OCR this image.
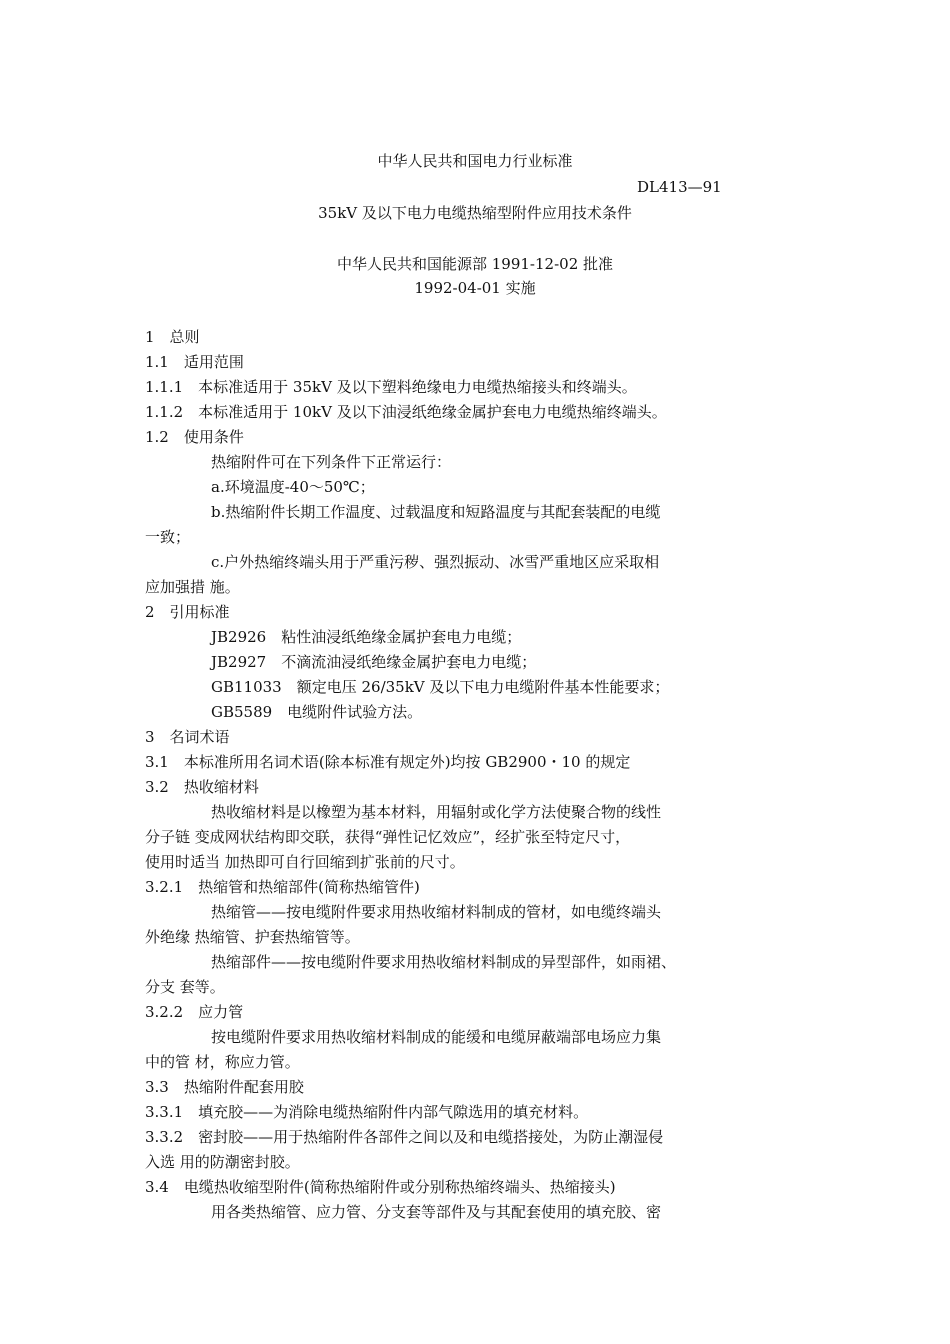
中华人民共和国电力行业标准
DL413—91
35kV 及以下电力电缆热缩型附件应用技术条件
中华人民共和国能源部 1991-12-02 批准
1992-04-01 实施
1　总则
1.1　适用范围
1.1.1　本标准适用于 35kV 及以下塑料绝缘电力电缆热缩接头和终端头。
1.1.2　本标准适用于 10kV 及以下油浸纸绝缘金属护套电力电缆热缩终端头。
1.2　使用条件
热缩附件可在下列条件下正常运行：
a.环境温度-40～50℃；
b.热缩附件长期工作温度、过载温度和短路温度与其配套装配的电缆
一致；
c.户外热缩终端头用于严重污秽、强烈振动、冰雪严重地区应采取相
应加强措 施。
2　引用标准
JB2926　粘性油浸纸绝缘金属护套电力电缆；
JB2927　不滴流油浸纸绝缘金属护套电力电缆；
GB11033　额定电压 26/35kV 及以下电力电缆附件基本性能要求；
GB5589　电缆附件试验方法。
3　名词术语
3.1　本标准所用名词术语(除本标准有规定外)均按 GB2900・10 的规定
3.2　热收缩材料
热收缩材料是以橡塑为基本材料，用辐射或化学方法使聚合物的线性
分子链 变成网状结构即交联，获得“弹性记忆效应”，经扩张至特定尺寸，
使用时适当 加热即可自行回缩到扩张前的尺寸。
3.2.1　热缩管和热缩部件(简称热缩管件)
热缩管——按电缆附件要求用热收缩材料制成的管材，如电缆终端头
外绝缘 热缩管、护套热缩管等。
热缩部件——按电缆附件要求用热收缩材料制成的异型部件，如雨裙、
分支 套等。
3.2.2　应力管
按电缆附件要求用热收缩材料制成的能缓和电缆屏蔽端部电场应力集
中的管 材，称应力管。
3.3　热缩附件配套用胶
3.3.1　填充胶——为消除电缆热缩附件内部气隙选用的填充材料。
3.3.2　密封胶——用于热缩附件各部件之间以及和电缆搭接处，为防止潮湿侵
入选 用的防潮密封胶。
3.4　电缆热收缩型附件(简称热缩附件或分别称热缩终端头、热缩接头)
用各类热缩管、应力管、分支套等部件及与其配套使用的填充胶、密
